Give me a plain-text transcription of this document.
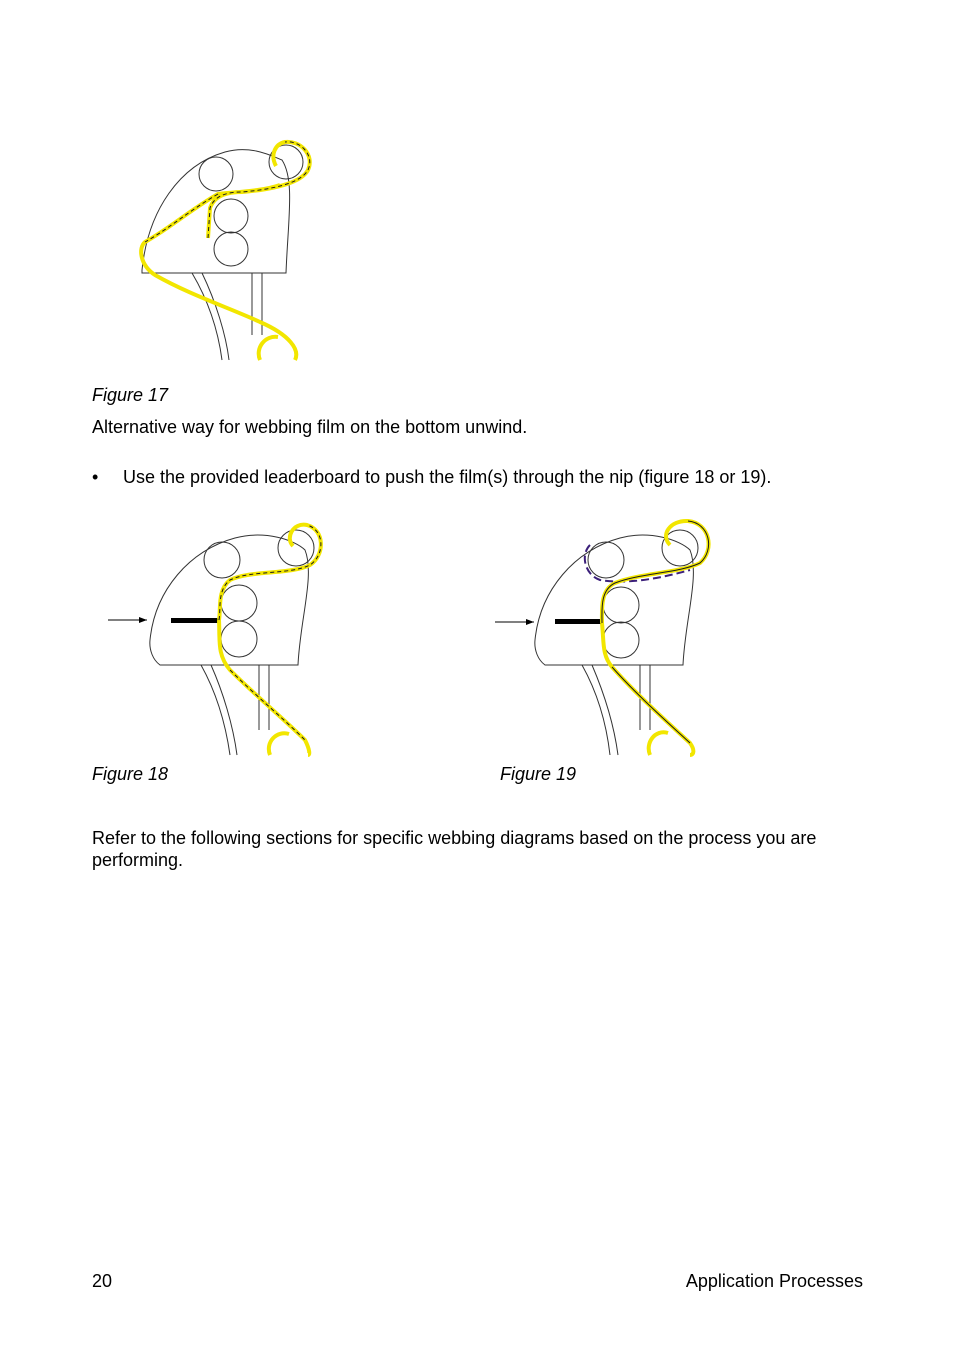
Figure 17
Alternative way for webbing film on the bottom unwind.
•	Use the provided leaderboard to push the film(s) through the nip (figure 18 or 19).
Figure 18	Figure 19
Refer to the following sections for specific webbing diagrams based on the process you are performing.
20	Application Processes
